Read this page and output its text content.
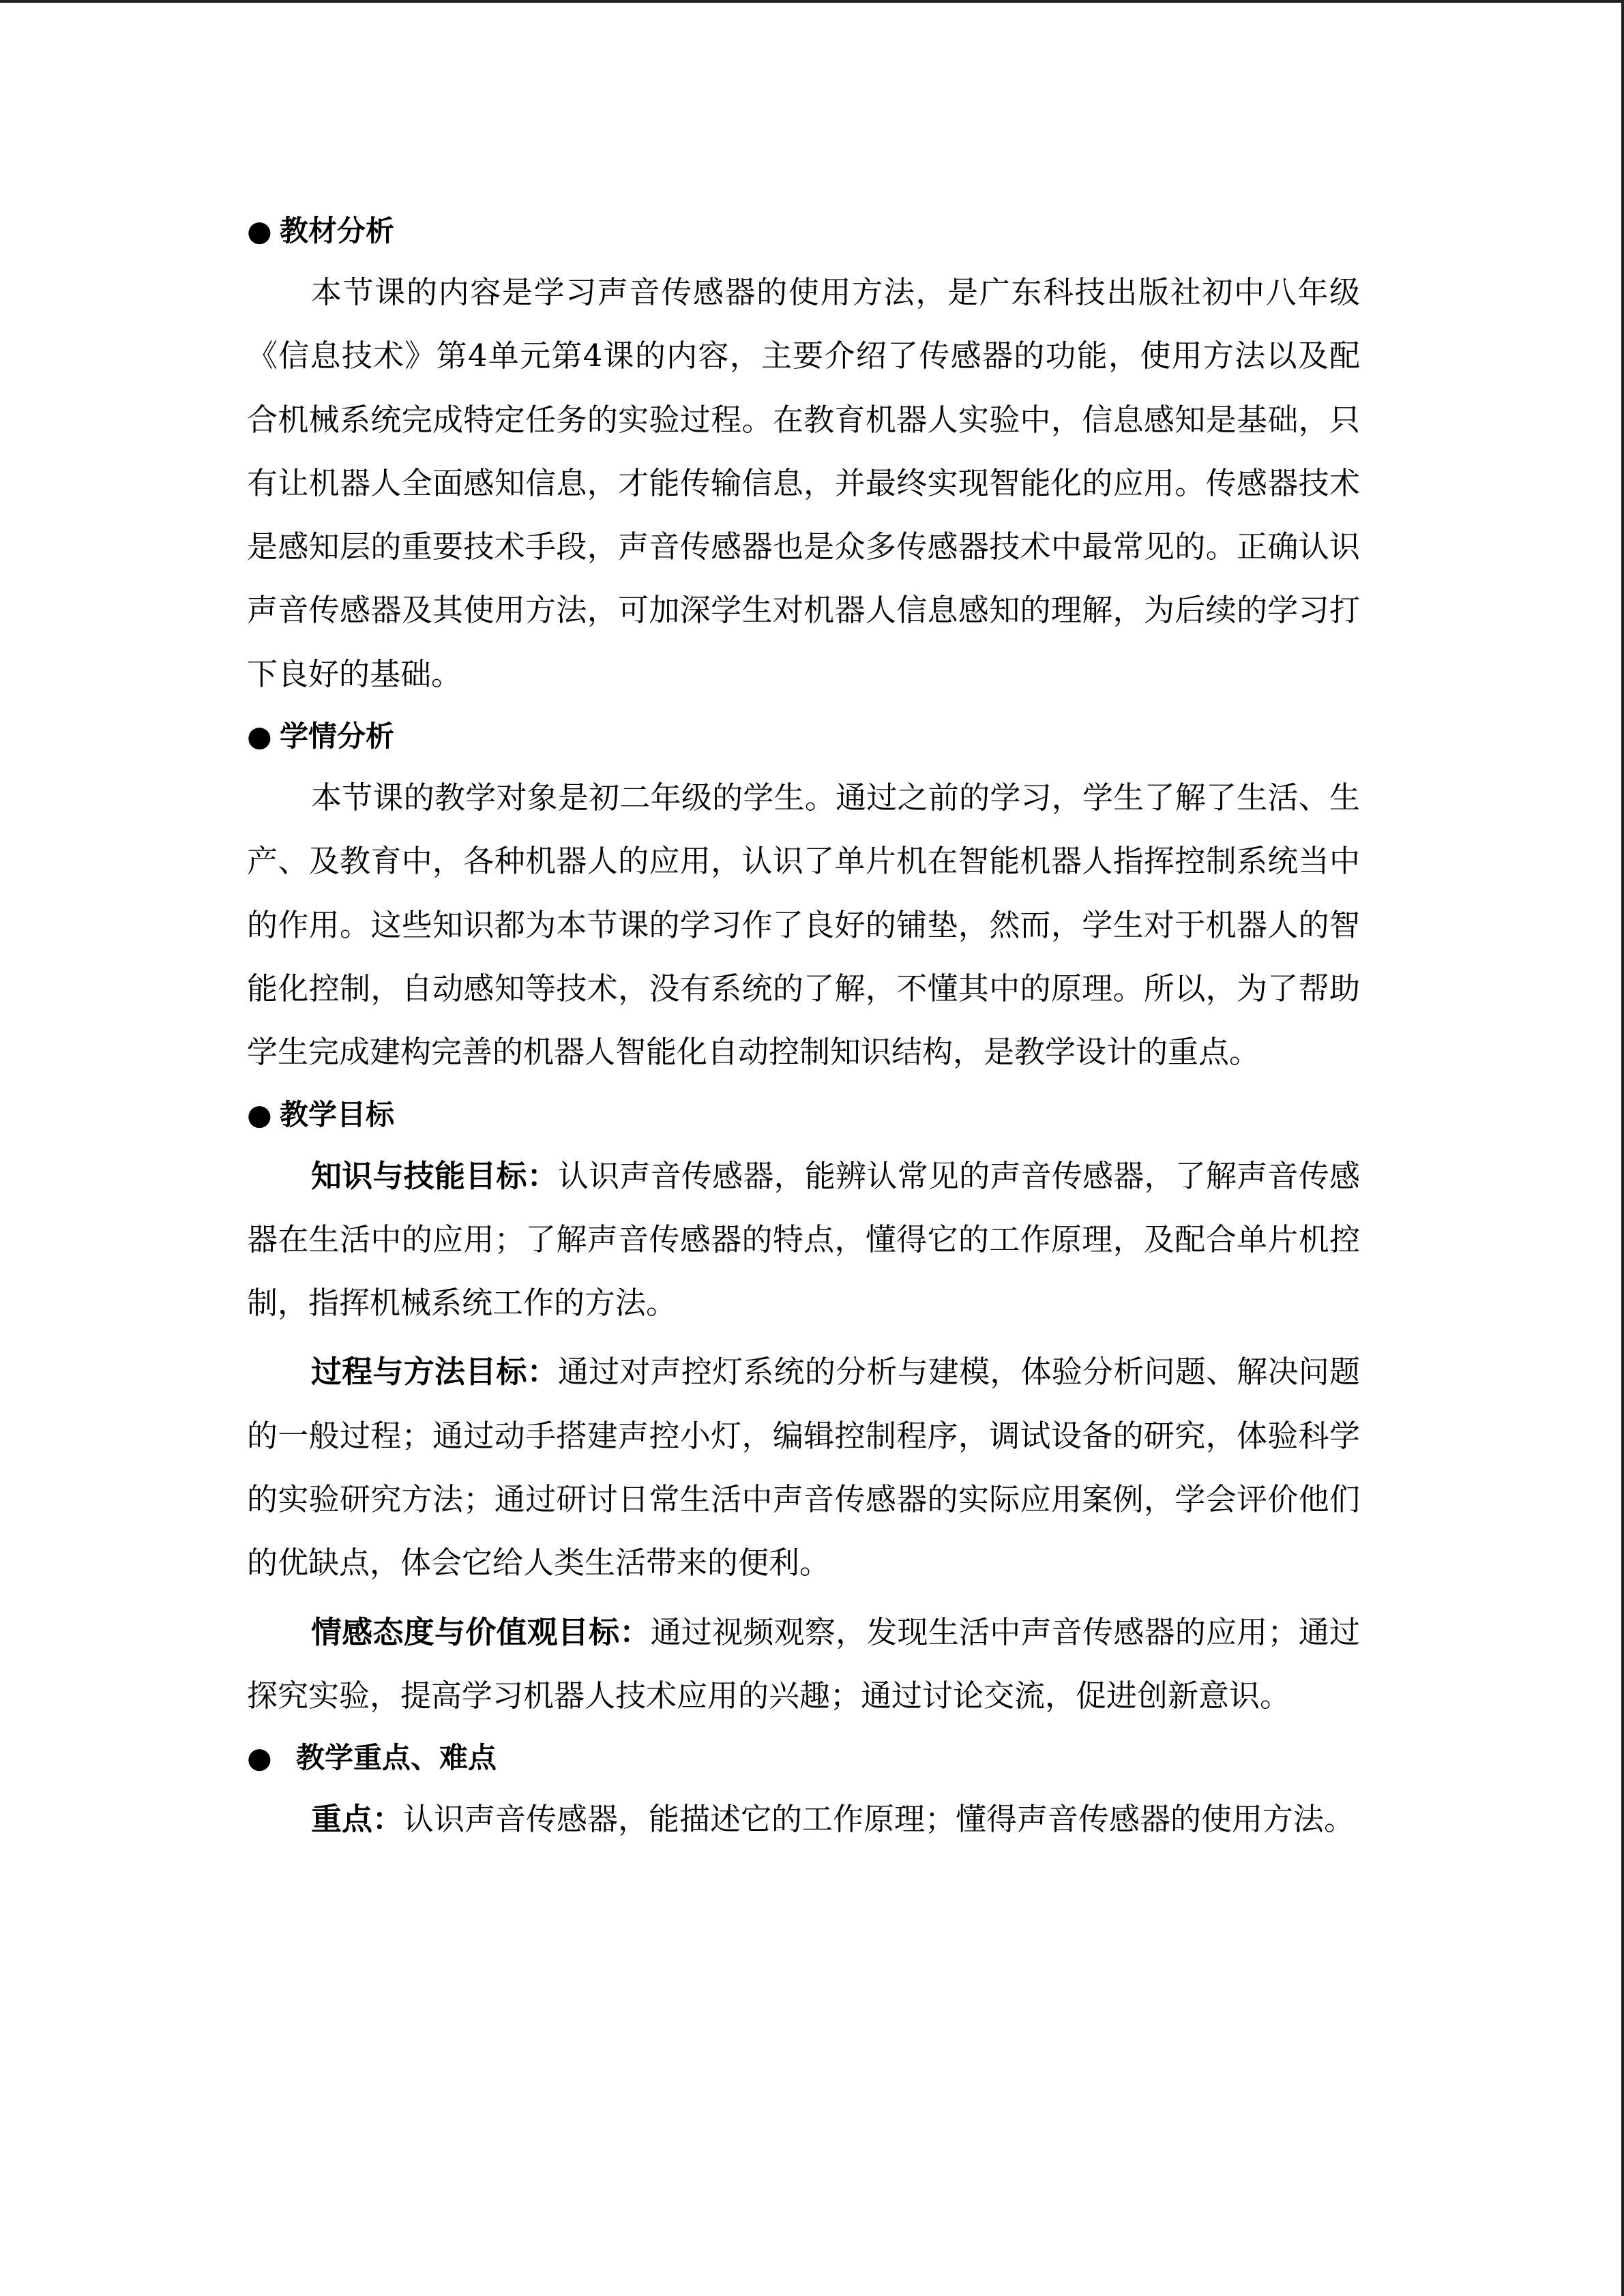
● 教材分析

本节课的内容是学习声音传感器的使用方法，是广东科技出版社初中八年级《信息技术》第4单元第4课的内容，主要介绍了传感器的功能，使用方法以及配合机械系统完成特定任务的实验过程。在教育机器人实验中，信息感知是基础，只有让机器人全面感知信息，才能传输信息，并最终实现智能化的应用。传感器技术是感知层的重要技术手段，声音传感器也是众多传感器技术中最常见的。正确认识声音传感器及其使用方法，可加深学生对机器人信息感知的理解，为后续的学习打下良好的基础。

● 学情分析

本节课的教学对象是初二年级的学生。通过之前的学习，学生了解了生活、生产、及教育中，各种机器人的应用，认识了单片机在智能机器人指挥控制系统当中的作用。这些知识都为本节课的学习作了良好的铺垫，然而，学生对于机器人的智能化控制，自动感知等技术，没有系统的了解，不懂其中的原理。所以，为了帮助学生完成建构完善的机器人智能化自动控制知识结构，是教学设计的重点。

● 教学目标

知识与技能目标：认识声音传感器，能辨认常见的声音传感器，了解声音传感器在生活中的应用；了解声音传感器的特点，懂得它的工作原理，及配合单片机控制，指挥机械系统工作的方法。

过程与方法目标：通过对声控灯系统的分析与建模，体验分析问题、解决问题的一般过程；通过动手搭建声控小灯，编辑控制程序，调试设备的研究，体验科学的实验研究方法；通过研讨日常生活中声音传感器的实际应用案例，学会评价他们的优缺点，体会它给人类生活带来的便利。

情感态度与价值观目标：通过视频观察，发现生活中声音传感器的应用；通过探究实验，提高学习机器人技术应用的兴趣；通过讨论交流，促进创新意识。

● 教学重点、难点

重点：认识声音传感器，能描述它的工作原理；懂得声音传感器的使用方法。
